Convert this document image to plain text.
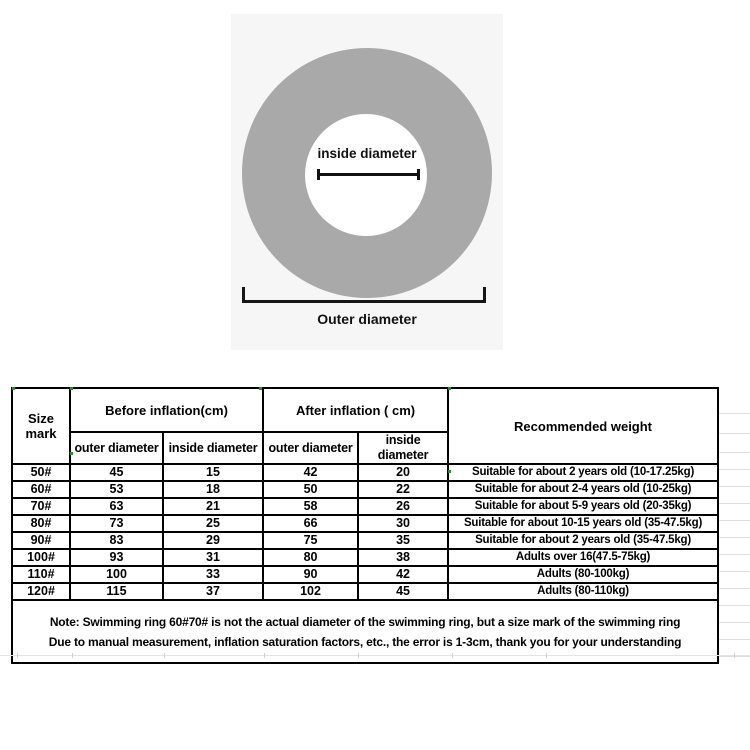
inside diameter
Outer diameter
Size mark	Before inflation(cm)		After inflation ( cm)		Recommended weight
	outer diameter	inside diameter	outer diameter	inside diameter	
50#	45	15	42	20	Suitable for about 2 years old (10-17.25kg)
60#	53	18	50	22	Suitable for about 2-4 years old (10-25kg)
70#	63	21	58	26	Suitable for about 5-9 years old (20-35kg)
80#	73	25	66	30	Suitable for about 10-15 years old (35-47.5kg)
90#	83	29	75	35	Suitable for about 2 years old (35-47.5kg)
100#	93	31	80	38	Adults over 16(47.5-75kg)
110#	100	33	90	42	Adults (80-100kg)
120#	115	37	102	45	Adults (80-110kg)

Note: Swimming ring 60#70# is not the actual diameter of the swimming ring, but a size mark of the swimming ring
Due to manual measurement, inflation saturation factors, etc., the error is 1-3cm, thank you for your understanding					
